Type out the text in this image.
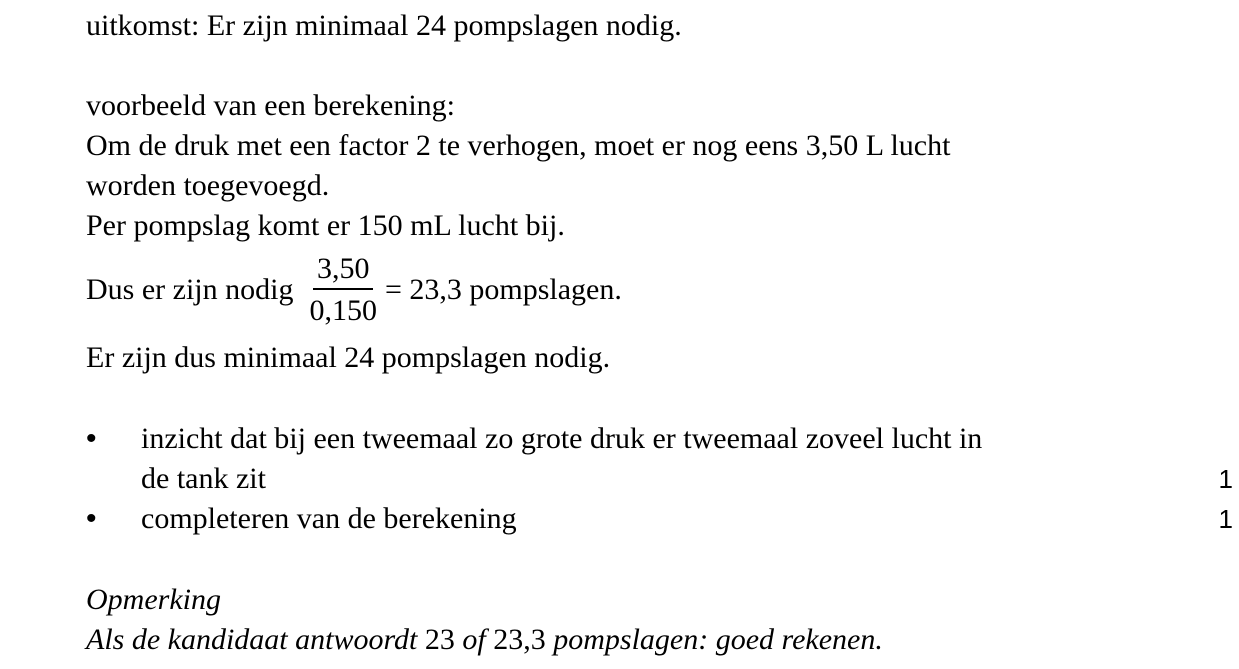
uitkomst: Er zijn minimaal 24 pompslagen nodig.
voorbeeld van een berekening:
Om de druk met een factor 2 te verhogen, moet er nog eens 3,50 L lucht
worden toegevoegd.
Per pompslag komt er 150 mL lucht bij.
Dus er zijn nodig $\frac{3,50}{0,150} = 23,3$ pompslagen.
Er zijn dus minimaal 24 pompslagen nodig.
• inzicht dat bij een tweemaal zo grote druk er tweemaal zoveel lucht in
de tank zit	1
• completeren van de berekening	1
Opmerking
Als de kandidaat antwoordt 23 of 23,3 pompslagen: goed rekenen.
